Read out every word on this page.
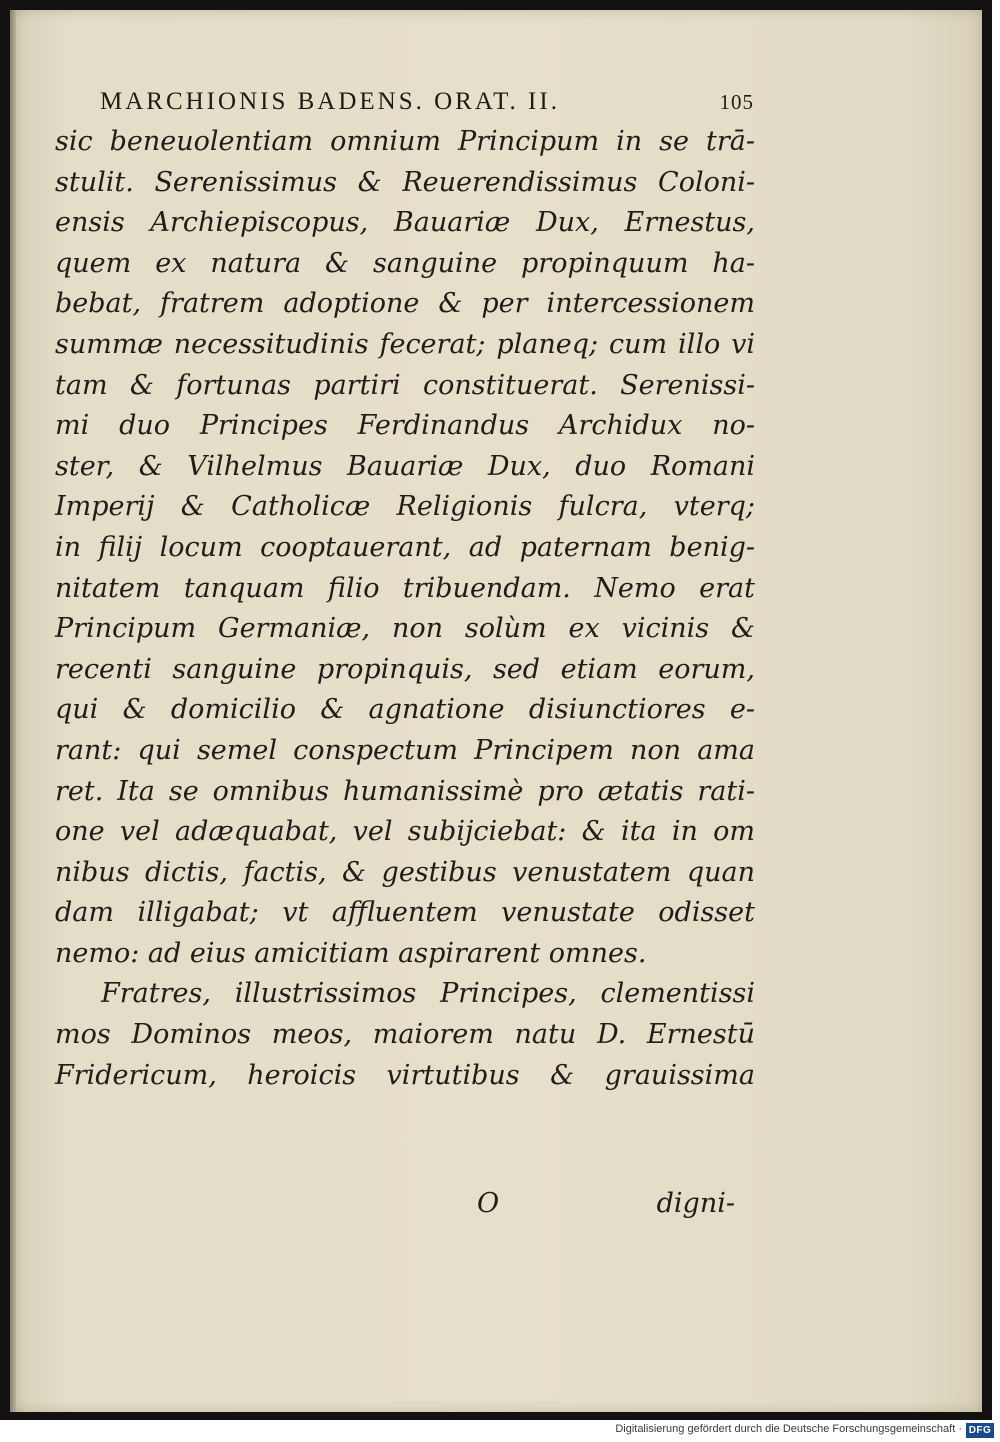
MARCHIONIS BADENS. ORAT. II.	105
sic beneuolentiam omnium Principum in se trā-
stulit. Serenissimus & Reuerendissimus Coloni-
ensis Archiepiscopus, Bauariæ Dux, Ernestus,
quem ex natura & sanguine propinquum ha-
bebat, fratrem adoptione & per intercessionem
summæ necessitudinis fecerat; planeq; cum illo vi
tam & fortunas partiri constituerat. Serenissi-
mi duo Principes Ferdinandus Archidux no-
ster, & Vilhelmus Bauariæ Dux, duo Romani
Imperij & Catholicæ Religionis fulcra, vterq;
in filij locum cooptauerant, ad paternam benig-
nitatem tanquam filio tribuendam. Nemo erat
Principum Germaniæ, non solùm ex vicinis &
recenti sanguine propinquis, sed etiam eorum,
qui & domicilio & agnatione disiunctiores e-
rant: qui semel conspectum Principem non ama
ret. Ita se omnibus humanissimè pro ætatis rati-
one vel adæquabat, vel subijciebat: & ita in om
nibus dictis, factis, & gestibus venustatem quan
dam illigabat; vt affluentem venustate odisset
nemo: ad eius amicitiam aspirarent omnes.
Fratres, illustrissimos Principes, clementissi
mos Dominos meos, maiorem natu D. Ernestū
Fridericum, heroicis virtutibus & grauissima
O	digni-
Digitalisierung gefördert durch die Deutsche Forschungsgemeinschaft · DFG
